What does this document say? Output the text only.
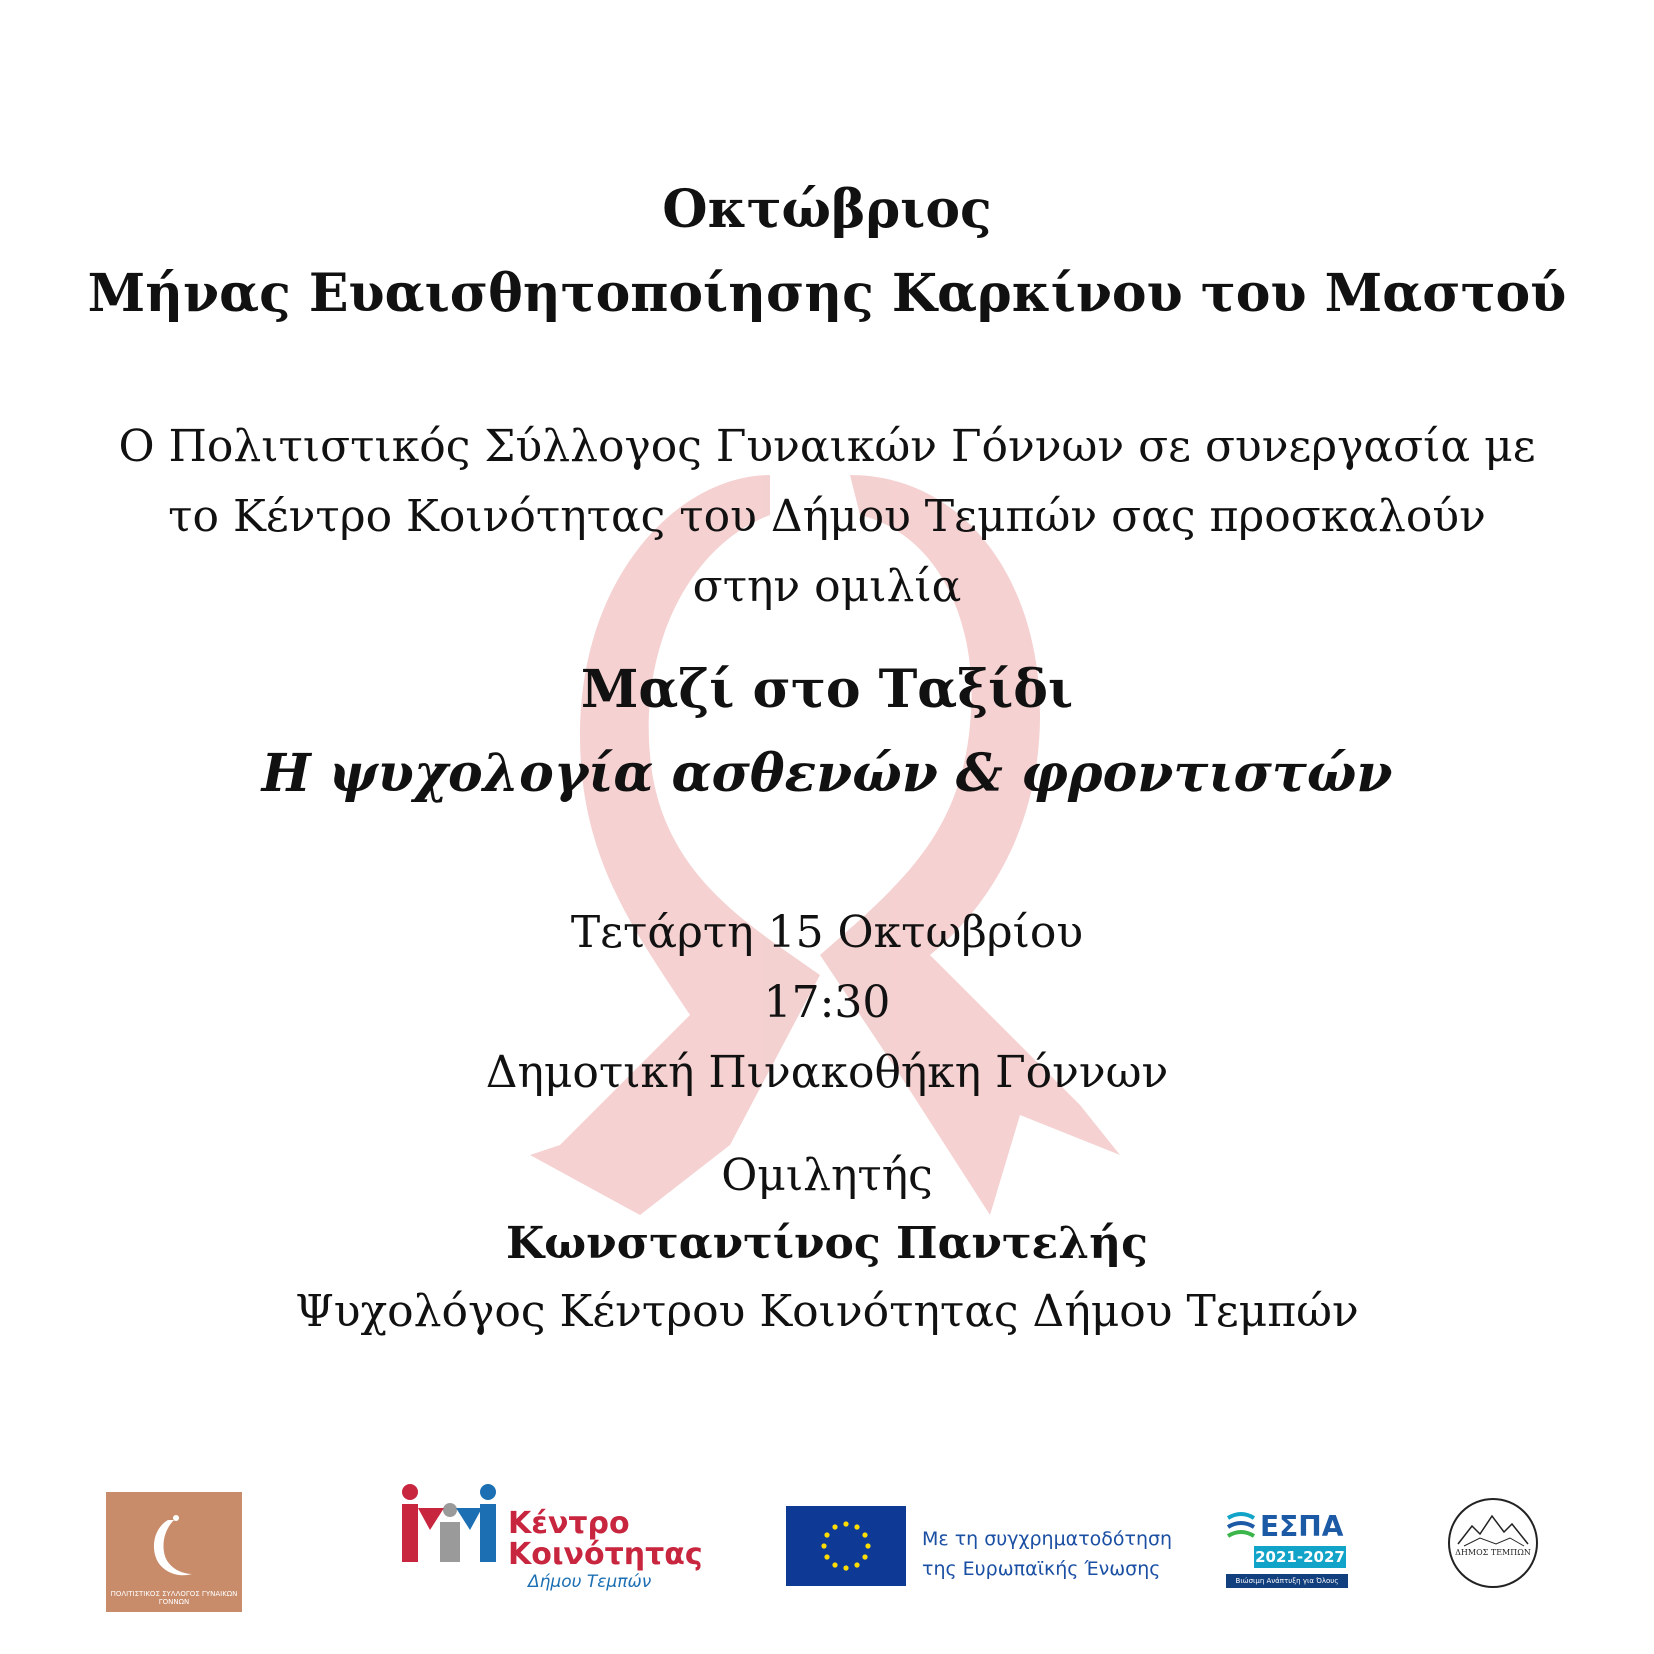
Οκτώβριος
Μήνας Ευαισθητοποίησης Καρκίνου του Μαστού
Ο Πολιτιστικός Σύλλογος Γυναικών Γόννων σε συνεργασία με
το Κέντρο Κοινότητας του Δήμου Τεμπών σας προσκαλούν
στην ομιλία
Μαζί στο Ταξίδι
Η ψυχολογία ασθενών & φροντιστών
Τετάρτη 15 Οκτωβρίου
17:30
Δημοτική Πινακοθήκη Γόννων
Ομιλητής
Κωνσταντίνος Παντελής
Ψυχολόγος Κέντρου Κοινότητας Δήμου Τεμπών
ΠΟΛΙΤΙΣΤΙΚΟΣ ΣΥΛΛΟΓΟΣ ΓΥΝΑΙΚΩΝ ΓΟΝΝΩΝ
Κέντρο
Κοινότητας
Δήμου Τεμπών
Με τη συγχρηματοδότηση
της Ευρωπαϊκής Ένωσης
ΕΣΠΑ
2021-2027
Βιώσιμη Ανάπτυξη για Όλους
ΔΗΜΟΣ ΤΕΜΠΩΝ
